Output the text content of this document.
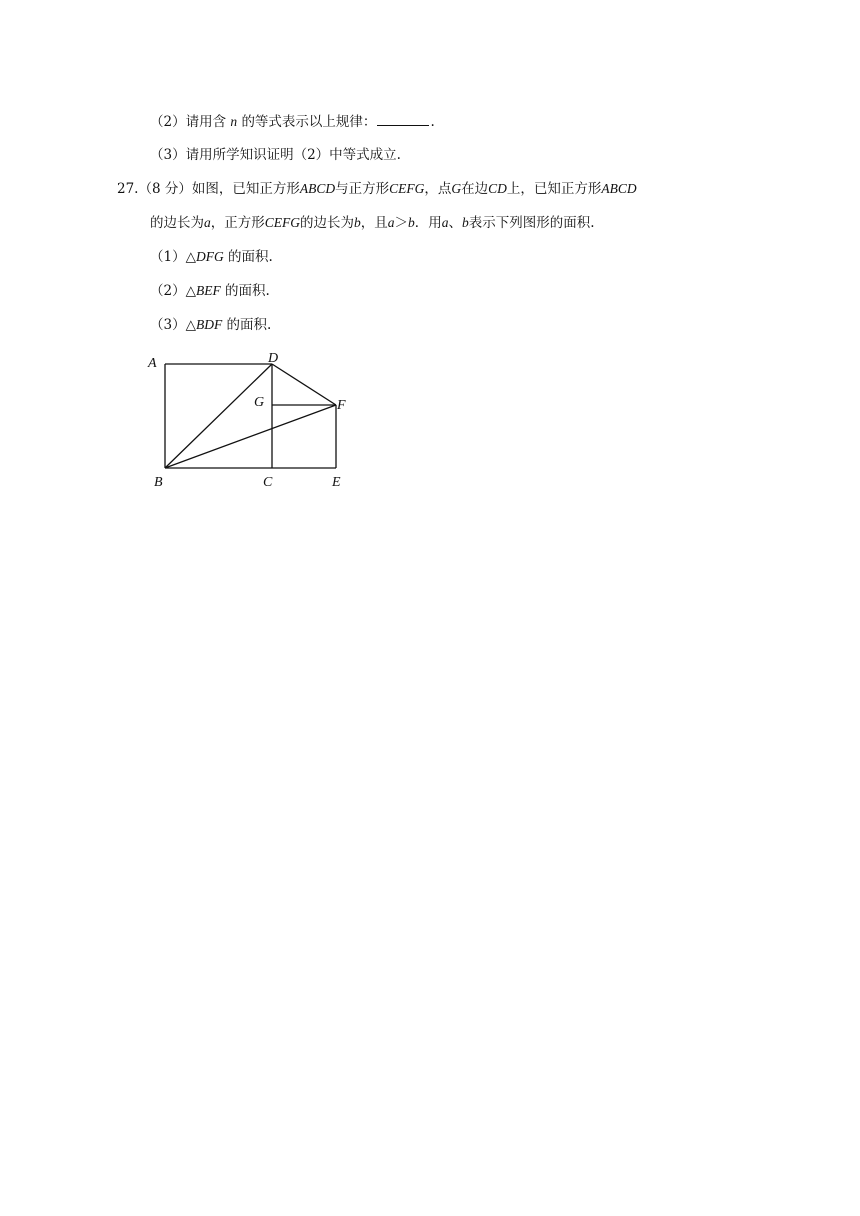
（2）请用含 n 的等式表示以上规律：	.
（3）请用所学知识证明（2）中等式成立.
27.（8 分）如图，已知正方形ABCD与正方形CEFG，点G在边CD上，已知正方形ABCD
的边长为a，正方形CEFG的边长为b，且a＞b．用a、b表示下列图形的面积.
（1）△DFG 的面积.
（2）△BEF 的面积.
（3）△BDF 的面积.
A	D
G	F
B	C	E
